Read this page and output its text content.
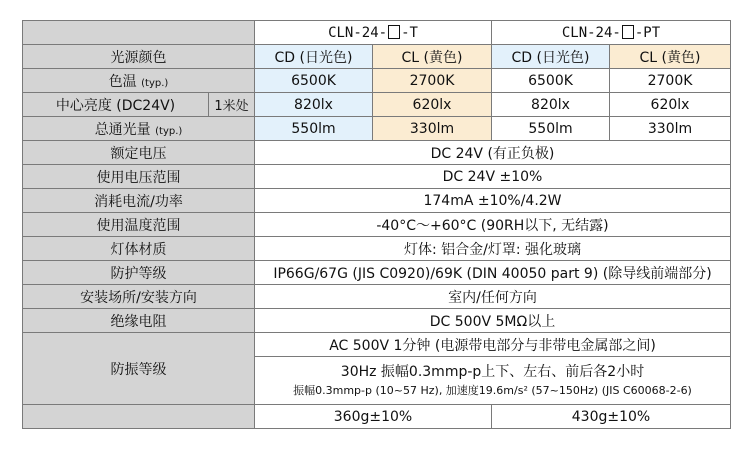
		CLN-24- -T		CLN-24- -PT	
光源颜色		CD (日光色)	CL (黄色)	CD (日光色)	CL (黄色)
色温 (typ.)		6500K	2700K	6500K	2700K
中心亮度 (DC24V)	1米处	820lx	620lx	820lx	620lx
总通光量 (typ.)		550lm	330lm	550lm	330lm
额定电压		DC 24V (有正负极)			
使用电压范围		DC 24V ±10%			
消耗电流/功率		174mA ±10%/4.2W			
使用温度范围		-40°C～+60°C (90RH以下, 无结露)			
灯体材质		灯体: 铝合金/灯罩: 强化玻璃			
防护等级		IP66G/67G (JIS C0920)/69K (DIN 40050 part 9) (除导线前端部分)			
安装场所/安装方向		室内/任何方向			
绝缘电阻		DC 500V 5MΩ以上			
防振等级		AC 500V 1分钟 (电源带电部分与非带电金属部之间)			

		30Hz 振幅0.3mmp-p上下、左右、前后各2小时
振幅0.3mmp-p (10~57 Hz), 加速度19.6m/s² (57~150Hz) (JIS C60068-2-6)			

		360g±10%		430g±10%	
